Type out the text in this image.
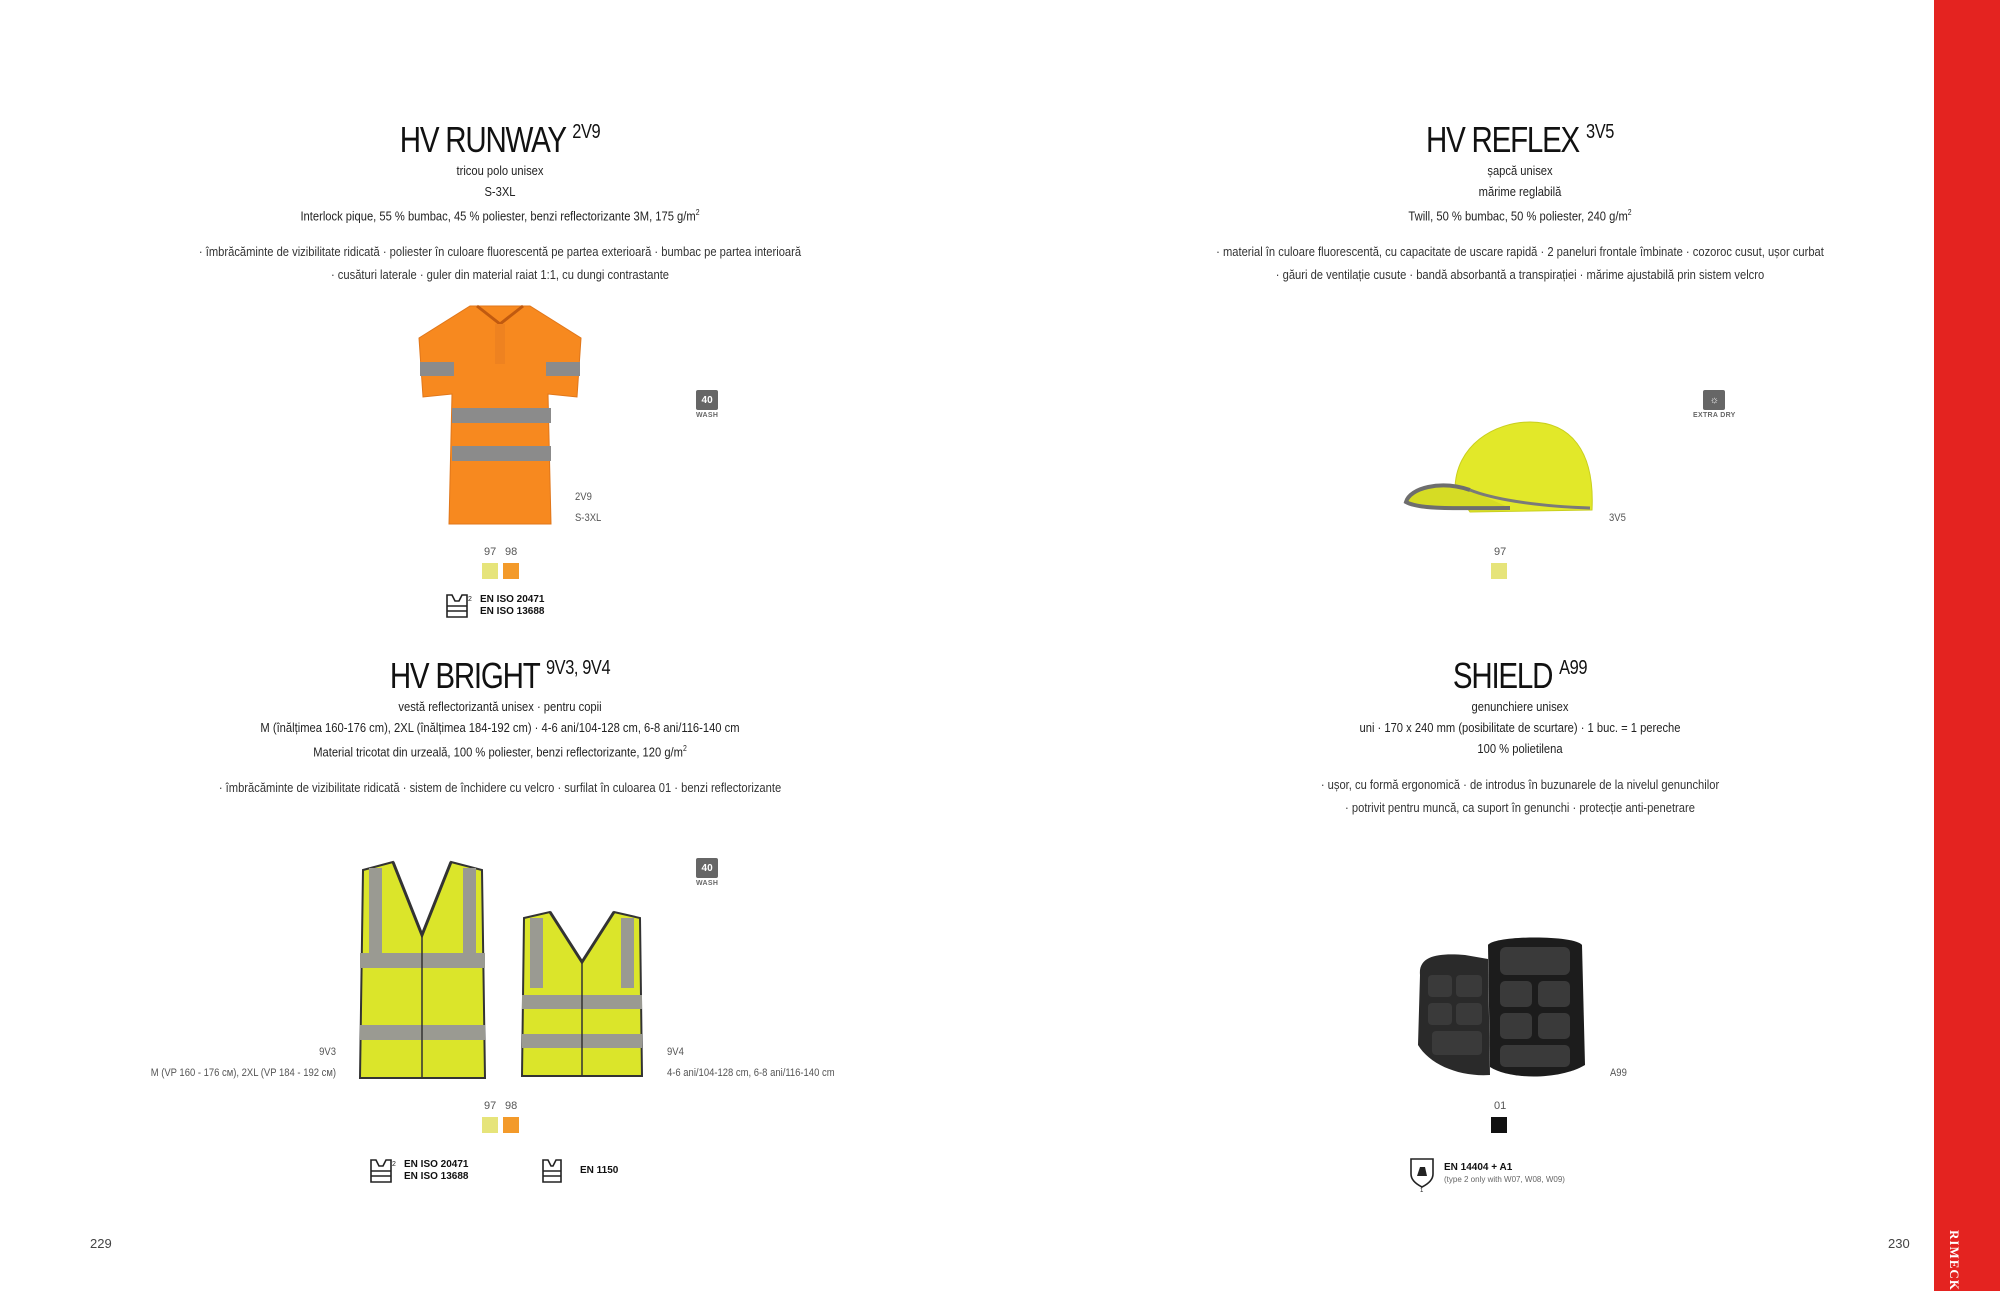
RIMECK®
229	230
HV RUNWAY $^{2V9}$
tricou polo unisex
S-3XL
Interlock pique, 55 % bumbac, 45 % poliester, benzi reflectorizante 3M, 175 $g/m^2$
· îmbrăcăminte de vizibilitate ridicată · poliester în culoare fluorescentă pe partea exterioară · bumbac pe partea interioară
· cusături laterale · guler din material raiat 1:1, cu dungi contrastante
2V9
S-3XL
97 98
40
WASH
2 EN ISO 20471
EN ISO 13688
HV REFLEX $^{3V5}$
șapcă unisex
mărime reglabilă
Twill, 50 % bumbac, 50 % poliester, 240 $g/m^2$
· material în culoare fluorescentă, cu capacitate de uscare rapidă · 2 paneluri frontale îmbinate · cozoroc cusut, ușor curbat
· găuri de ventilație cusute · bandă absorbantă a transpirației · mărime ajustabilă prin sistem velcro
3V5
97
☼
EXTRA DRY
HV BRIGHT $^{9V3, 9V4}$
vestă reflectorizantă unisex · pentru copii
M (înălțimea 160-176 cm), 2XL (înălțimea 184-192 cm) · 4-6 ani/104-128 cm, 6-8 ani/116-140 cm
Material tricotat din urzeală, 100 % poliester, benzi reflectorizante, 120 $g/m^2$
· îmbrăcăminte de vizibilitate ridicată · sistem de închidere cu velcro · surfilat în culoarea 01 · benzi reflectorizante
9V3
M (VP 160 - 176 см), 2XL (VP 184 - 192 см)
9V4
4-6 ani/104-128 cm, 6-8 ani/116-140 cm
97 98
40
WASH
2 EN ISO 20471
EN ISO 13688
EN 1150
SHIELD $^{A99}$
genunchiere unisex
uni · 170 x 240 mm (posibilitate de scurtare) · 1 buc. = 1 pereche
100 % polietilena
· ușor, cu formă ergonomică · de introdus în buzunarele de la nivelul genunchilor
· potrivit pentru muncă, ca suport în genunchi · protecție anti-penetrare
A99
01
1
EN 14404 + A1
(type 2 only with W07, W08, W09)
